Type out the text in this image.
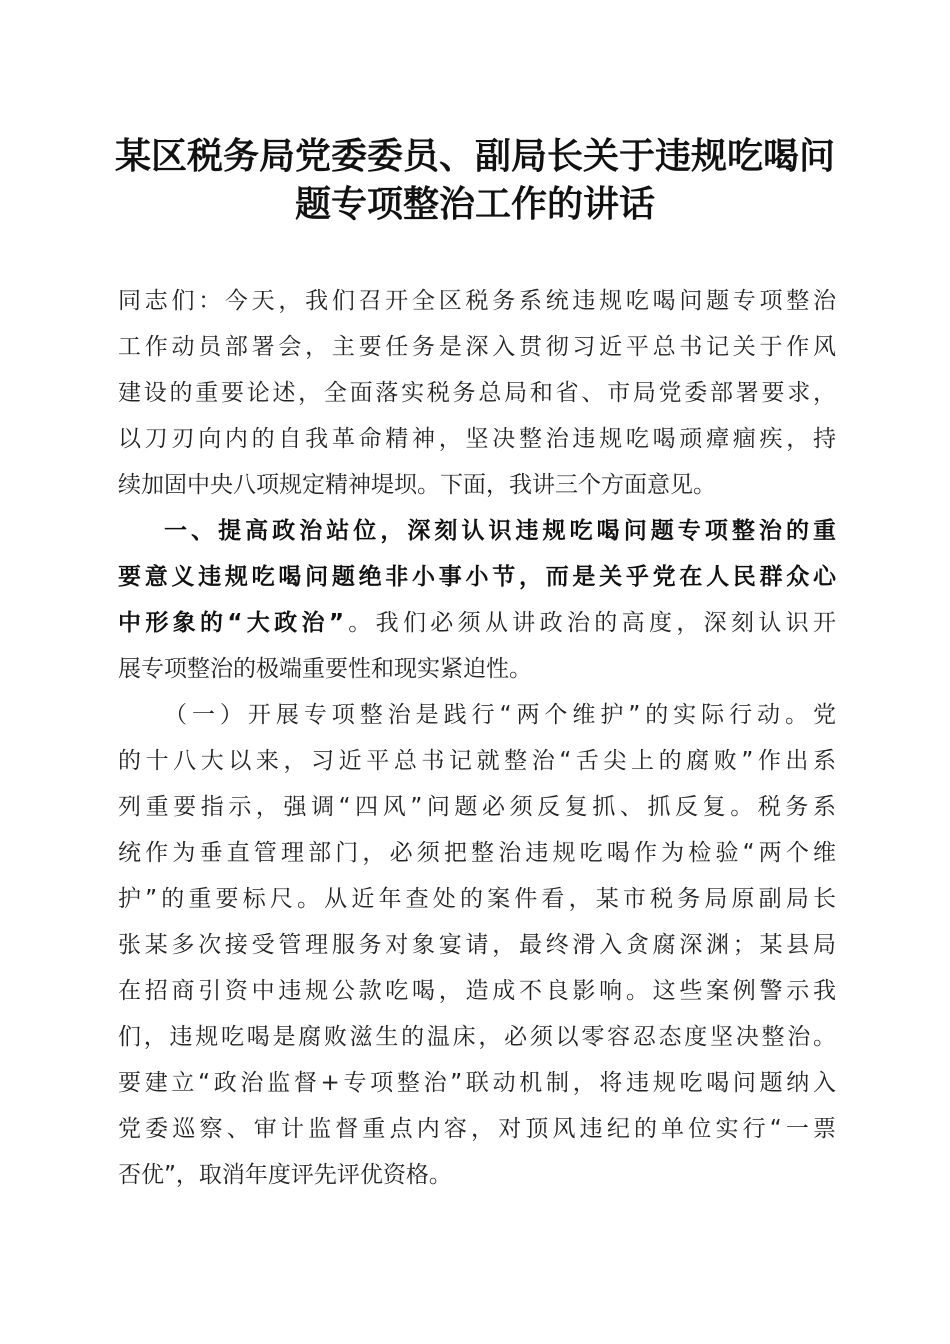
某区税务局党委委员、副局长关于违规吃喝问
题专项整治工作的讲话
同志们：今天，我们召开全区税务系统违规吃喝问题专项整治
工作动员部署会，主要任务是深入贯彻习近平总书记关于作风
建设的重要论述，全面落实税务总局和省、市局党委部署要求，
以刀刃向内的自我革命精神，坚决整治违规吃喝顽瘴痼疾，持
续加固中央八项规定精神堤坝。下面，我讲三个方面意见。
一、提高政治站位，深刻认识违规吃喝问题专项整治的重
要意义违规吃喝问题绝非小事小节，而是关乎党在人民群众心
中形象的“大政治”。我们必须从讲政治的高度，深刻认识开
展专项整治的极端重要性和现实紧迫性。
（一）开展专项整治是践行“两个维护”的实际行动。党
的十八大以来，习近平总书记就整治“舌尖上的腐败”作出系
列重要指示，强调“四风”问题必须反复抓、抓反复。税务系
统作为垂直管理部门，必须把整治违规吃喝作为检验“两个维
护”的重要标尺。从近年查处的案件看，某市税务局原副局长
张某多次接受管理服务对象宴请，最终滑入贪腐深渊；某县局
在招商引资中违规公款吃喝，造成不良影响。这些案例警示我
们，违规吃喝是腐败滋生的温床，必须以零容忍态度坚决整治。
要建立“政治监督+专项整治”联动机制，将违规吃喝问题纳入
党委巡察、审计监督重点内容，对顶风违纪的单位实行“一票
否优”，取消年度评先评优资格。
